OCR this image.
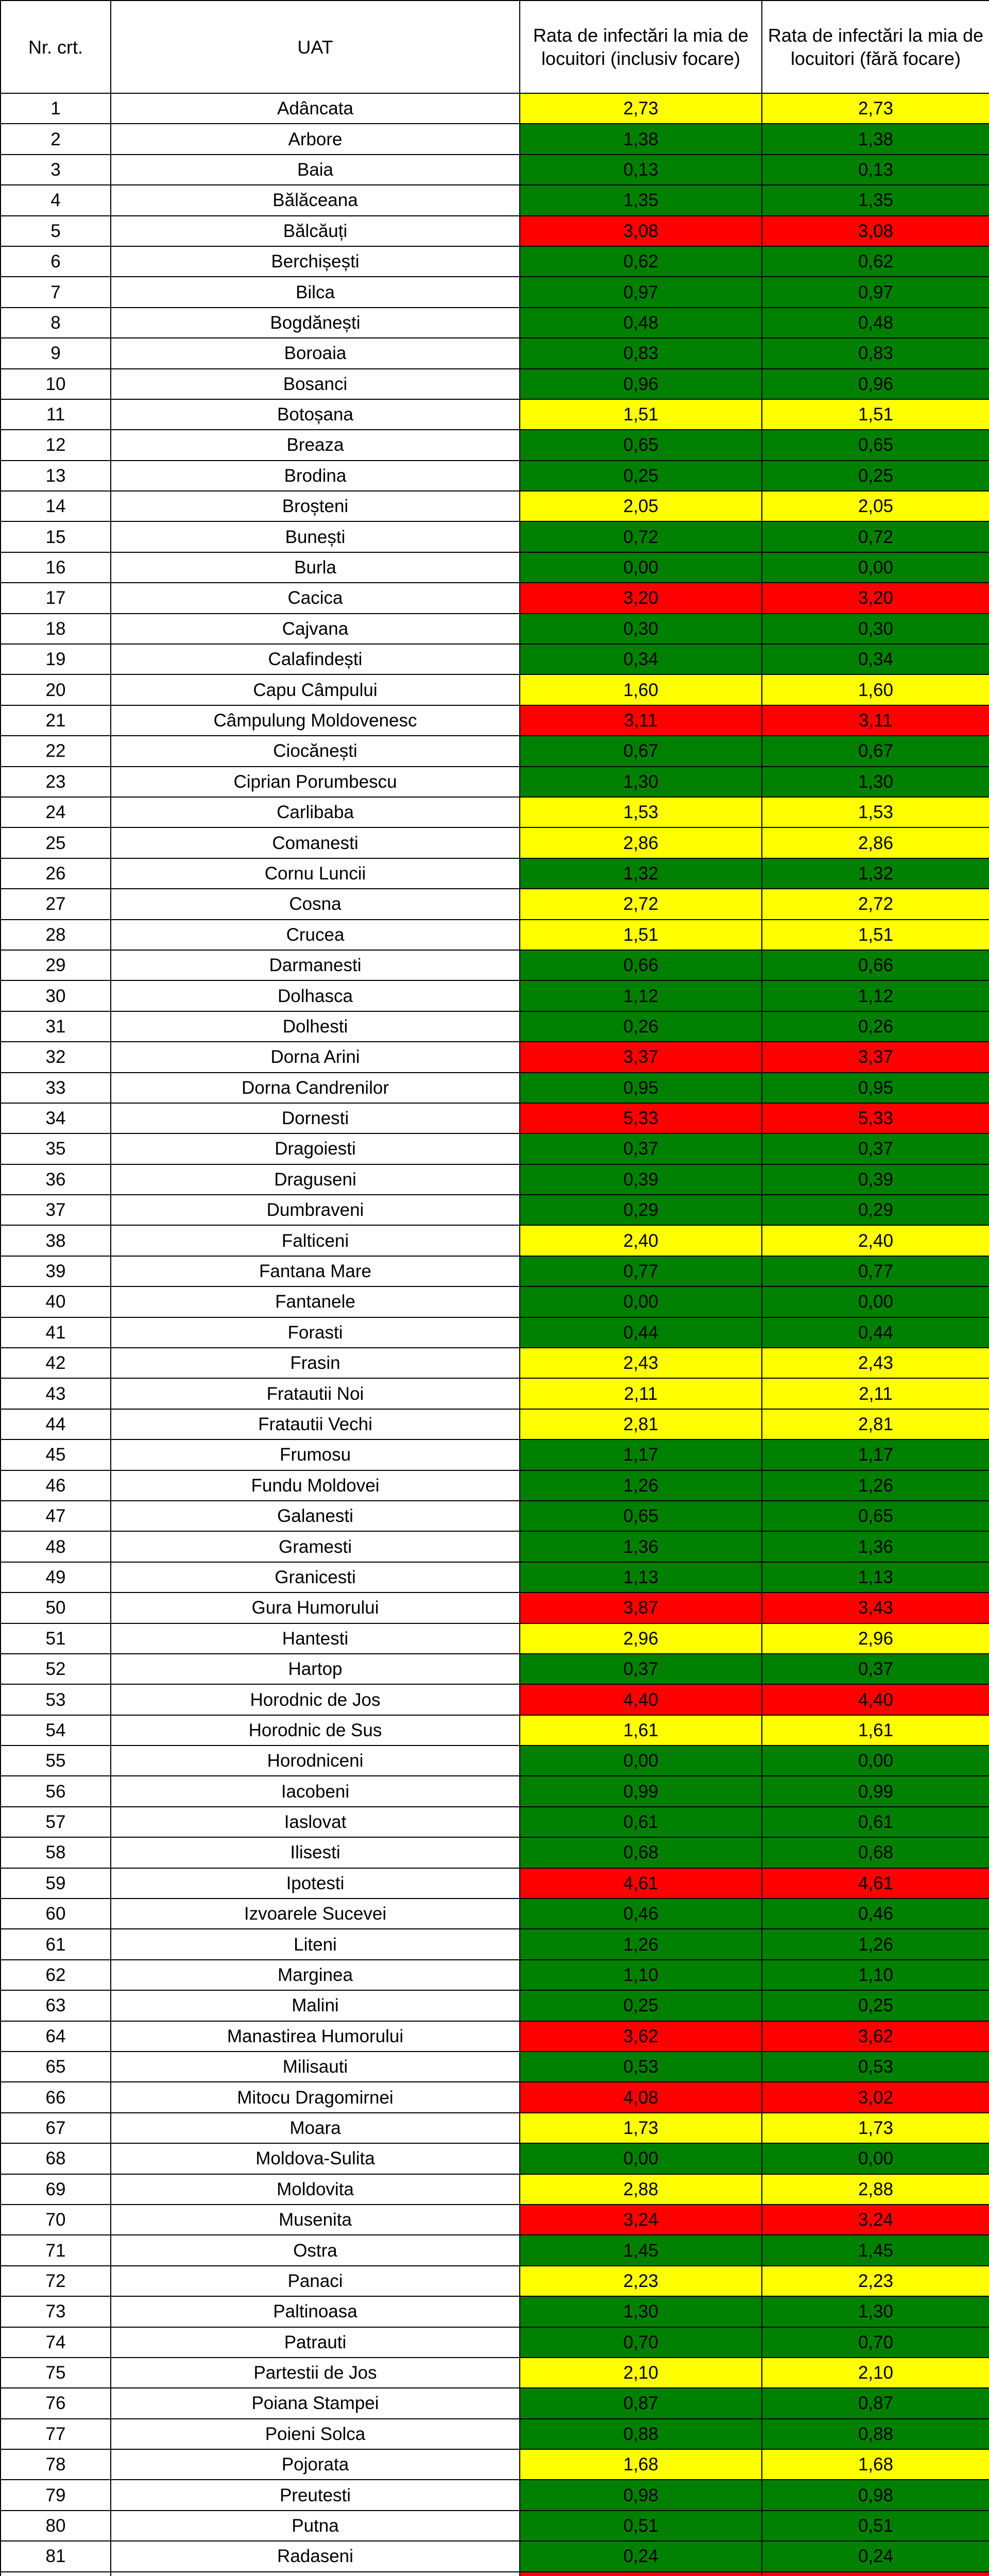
Nr. crt.	UAT	Rata de infectări la mia de locuitori (inclusiv focare)	Rata de infectări la mia de locuitori (fără focare)
1	Adâncata	2,73	2,73
2	Arbore	1,38	1,38
3	Baia	0,13	0,13
4	Bălăceana	1,35	1,35
5	Bălcăuți	3,08	3,08
6	Berchișești	0,62	0,62
7	Bilca	0,97	0,97
8	Bogdănești	0,48	0,48
9	Boroaia	0,83	0,83
10	Bosanci	0,96	0,96
11	Botoșana	1,51	1,51
12	Breaza	0,65	0,65
13	Brodina	0,25	0,25
14	Broșteni	2,05	2,05
15	Bunești	0,72	0,72
16	Burla	0,00	0,00
17	Cacica	3,20	3,20
18	Cajvana	0,30	0,30
19	Calafindești	0,34	0,34
20	Capu Câmpului	1,60	1,60
21	Câmpulung Moldovenesc	3,11	3,11
22	Ciocănești	0,67	0,67
23	Ciprian Porumbescu	1,30	1,30
24	Carlibaba	1,53	1,53
25	Comanesti	2,86	2,86
26	Cornu Luncii	1,32	1,32
27	Cosna	2,72	2,72
28	Crucea	1,51	1,51
29	Darmanesti	0,66	0,66
30	Dolhasca	1,12	1,12
31	Dolhesti	0,26	0,26
32	Dorna Arini	3,37	3,37
33	Dorna Candrenilor	0,95	0,95
34	Dornesti	5,33	5,33
35	Dragoiesti	0,37	0,37
36	Draguseni	0,39	0,39
37	Dumbraveni	0,29	0,29
38	Falticeni	2,40	2,40
39	Fantana Mare	0,77	0,77
40	Fantanele	0,00	0,00
41	Forasti	0,44	0,44
42	Frasin	2,43	2,43
43	Fratautii Noi	2,11	2,11
44	Fratautii Vechi	2,81	2,81
45	Frumosu	1,17	1,17
46	Fundu Moldovei	1,26	1,26
47	Galanesti	0,65	0,65
48	Gramesti	1,36	1,36
49	Granicesti	1,13	1,13
50	Gura Humorului	3,87	3,43
51	Hantesti	2,96	2,96
52	Hartop	0,37	0,37
53	Horodnic de Jos	4,40	4,40
54	Horodnic de Sus	1,61	1,61
55	Horodniceni	0,00	0,00
56	Iacobeni	0,99	0,99
57	Iaslovat	0,61	0,61
58	Ilisesti	0,68	0,68
59	Ipotesti	4,61	4,61
60	Izvoarele Sucevei	0,46	0,46
61	Liteni	1,26	1,26
62	Marginea	1,10	1,10
63	Malini	0,25	0,25
64	Manastirea Humorului	3,62	3,62
65	Milisauti	0,53	0,53
66	Mitocu Dragomirnei	4,08	3,02
67	Moara	1,73	1,73
68	Moldova-Sulita	0,00	0,00
69	Moldovita	2,88	2,88
70	Musenita	3,24	3,24
71	Ostra	1,45	1,45
72	Panaci	2,23	2,23
73	Paltinoasa	1,30	1,30
74	Patrauti	0,70	0,70
75	Partestii de Jos	2,10	2,10
76	Poiana Stampei	0,87	0,87
77	Poieni Solca	0,88	0,88
78	Pojorata	1,68	1,68
79	Preutesti	0,98	0,98
80	Putna	0,51	0,51
81	Radaseni	0,24	0,24
